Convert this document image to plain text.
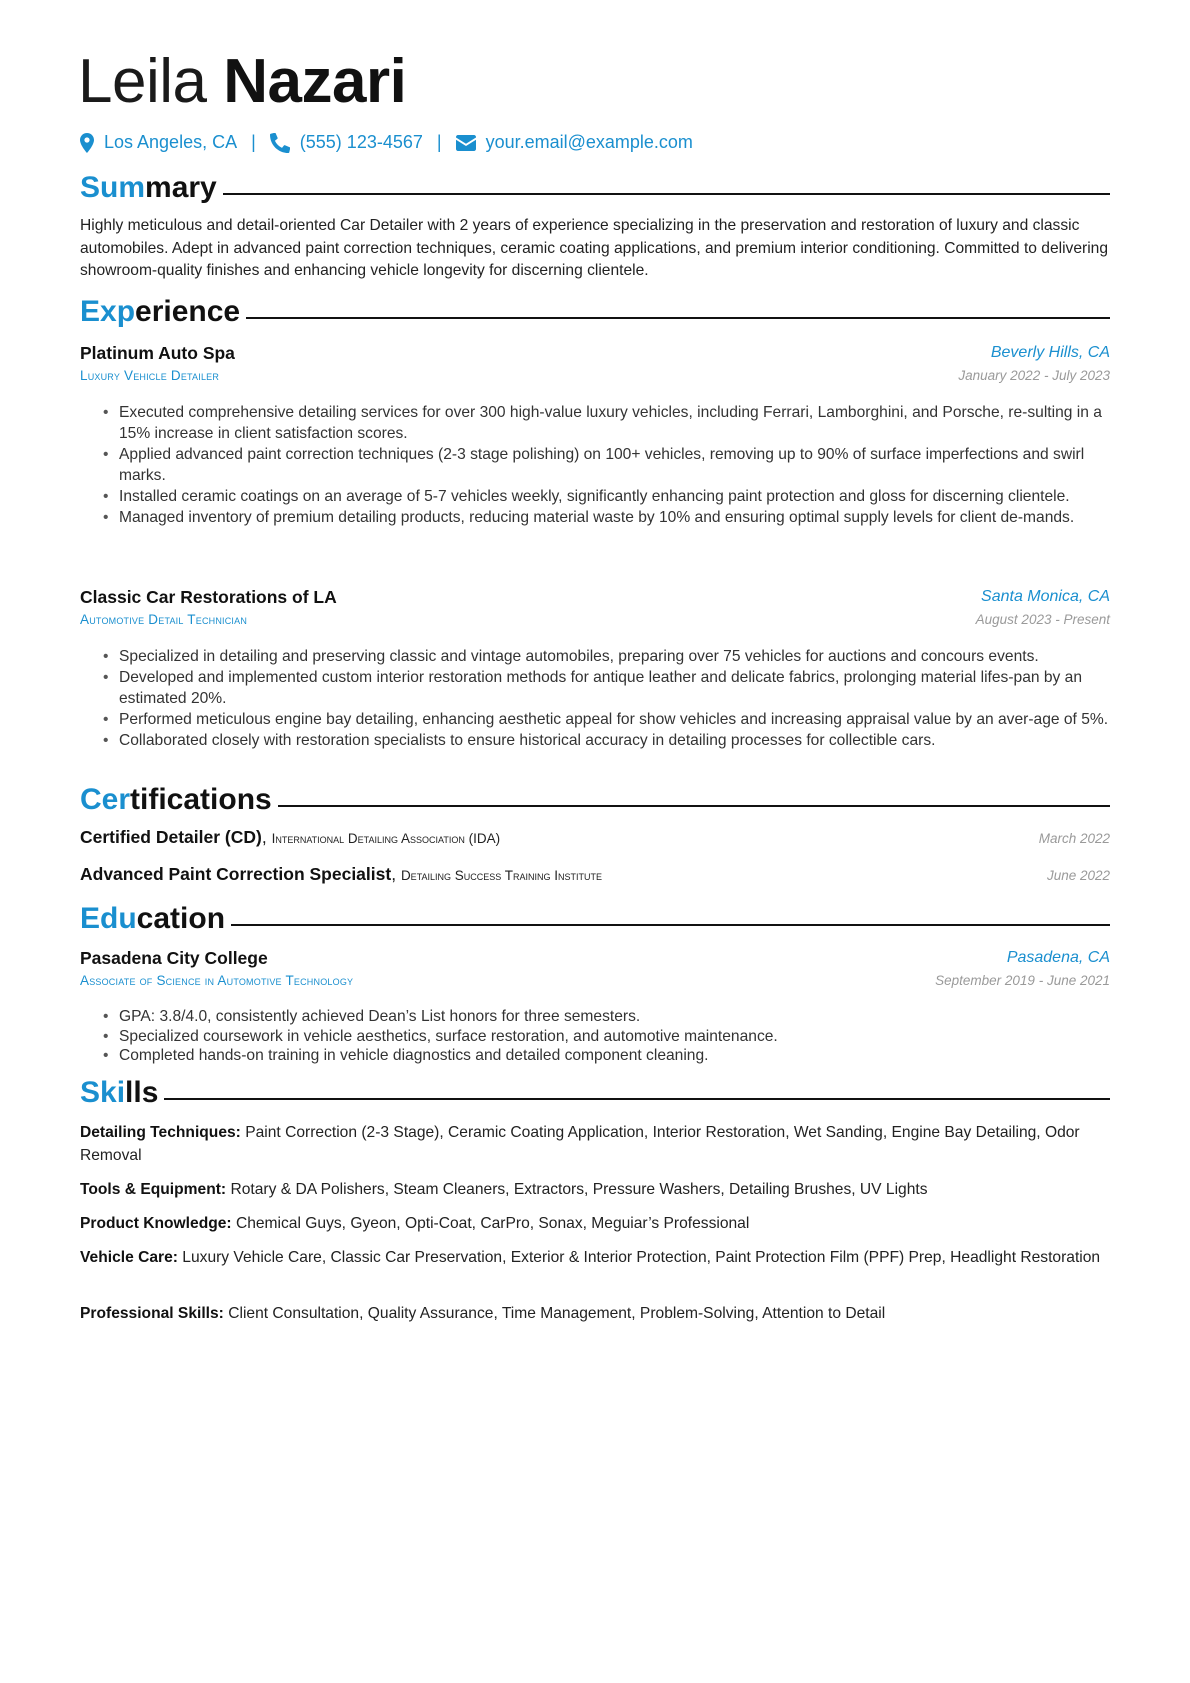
Leila Nazari
Los Angeles, CA | (555) 123-4567 | your.email@example.com
Summary
Highly meticulous and detail-oriented Car Detailer with 2 years of experience specializing in the preservation and restoration of luxury and classic automobiles. Adept in advanced paint correction techniques, ceramic coating applications, and premium interior conditioning. Committed to delivering showroom-quality finishes and enhancing vehicle longevity for discerning clientele.
Experience
Platinum Auto Spa	Beverly Hills, CA
Luxury Vehicle Detailer	January 2022 - July 2023
• Executed comprehensive detailing services for over 300 high-value luxury vehicles, including Ferrari, Lamborghini, and Porsche, re-sulting in a 15% increase in client satisfaction scores.
• Applied advanced paint correction techniques (2-3 stage polishing) on 100+ vehicles, removing up to 90% of surface imperfections and swirl marks.
• Installed ceramic coatings on an average of 5-7 vehicles weekly, significantly enhancing paint protection and gloss for discerning clientele.
• Managed inventory of premium detailing products, reducing material waste by 10% and ensuring optimal supply levels for client de-mands.
Classic Car Restorations of LA	Santa Monica, CA
Automotive Detail Technician	August 2023 - Present
• Specialized in detailing and preserving classic and vintage automobiles, preparing over 75 vehicles for auctions and concours events.
• Developed and implemented custom interior restoration methods for antique leather and delicate fabrics, prolonging material lifes-pan by an estimated 20%.
• Performed meticulous engine bay detailing, enhancing aesthetic appeal for show vehicles and increasing appraisal value by an aver-age of 5%.
• Collaborated closely with restoration specialists to ensure historical accuracy in detailing processes for collectible cars.
Certifications
Certified Detailer (CD), International Detailing Association (IDA)	March 2022
Advanced Paint Correction Specialist, Detailing Success Training Institute	June 2022
Education
Pasadena City College	Pasadena, CA
Associate of Science in Automotive Technology	September 2019 - June 2021
• GPA: 3.8/4.0, consistently achieved Dean’s List honors for three semesters.
• Specialized coursework in vehicle aesthetics, surface restoration, and automotive maintenance.
• Completed hands-on training in vehicle diagnostics and detailed component cleaning.
Skills
Detailing Techniques: Paint Correction (2-3 Stage), Ceramic Coating Application, Interior Restoration, Wet Sanding, Engine Bay Detailing, Odor Removal
Tools & Equipment: Rotary & DA Polishers, Steam Cleaners, Extractors, Pressure Washers, Detailing Brushes, UV Lights
Product Knowledge: Chemical Guys, Gyeon, Opti-Coat, CarPro, Sonax, Meguiar’s Professional
Vehicle Care: Luxury Vehicle Care, Classic Car Preservation, Exterior & Interior Protection, Paint Protection Film (PPF) Prep, Headlight Restoration
Professional Skills: Client Consultation, Quality Assurance, Time Management, Problem-Solving, Attention to Detail
